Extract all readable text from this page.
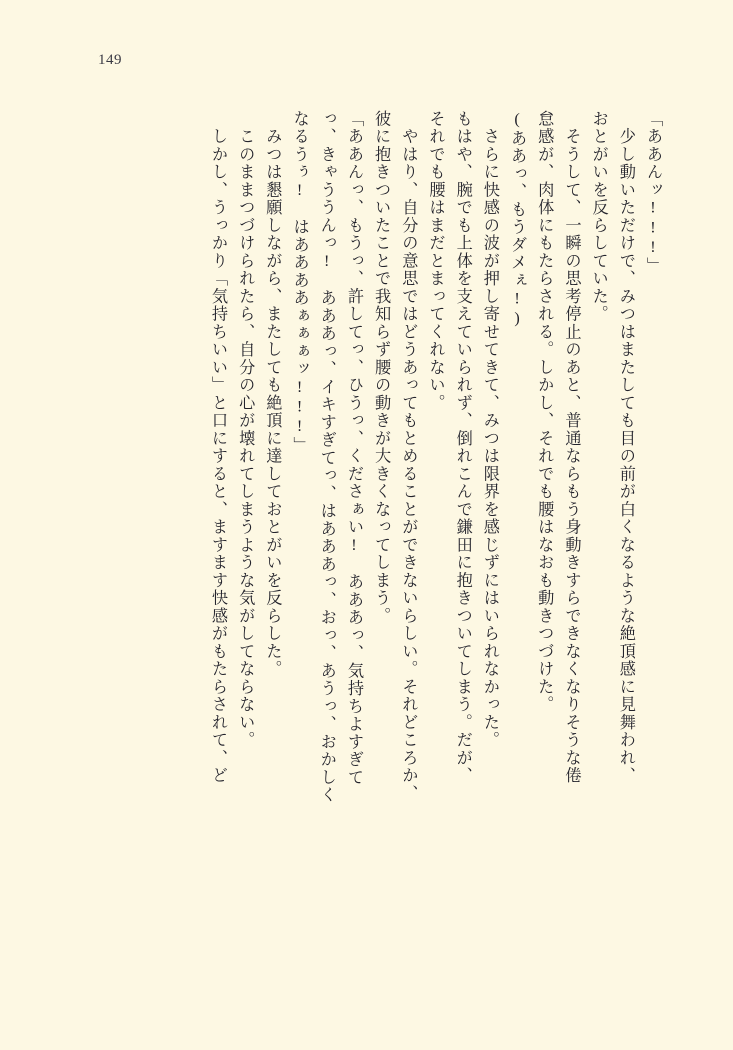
149
「ああんッ!!!」
　少し動いただけで、みつはまたしても目の前が白くなるような絶頂感に見舞われ、
おとがいを反らしていた。
　そうして、一瞬の思考停止のあと、普通ならもう身動きすらできなくなりそうな倦
怠感が、肉体にもたらされる。しかし、それでも腰はなおも動きつづけた。
(ああっ、もうダメぇ!)
　さらに快感の波が押し寄せてきて、みつは限界を感じずにはいられなかった。
もはや、腕でも上体を支えていられず、倒れこんで鎌田に抱きついてしまう。だが、
それでも腰はまだとまってくれない。
　やはり、自分の意思ではどうあってもとめることができないらしい。それどころか、
彼に抱きついたことで我知らず腰の動きが大きくなってしまう。
「ああんっ、もうっ、許してっ、ひうっ、くださぁい!　あああっ、気持ちよすぎて
っ、きゃううんっ!　あああっ、イキすぎてっ、はあああっ、おっ、あうっ、おかしく
なるうぅ!　はああああぁぁぁッ!!!」
　みつは懇願しながら、またしても絶頂に達しておとがいを反らした。
　このままつづけられたら、自分の心が壊れてしまうような気がしてならない。
　しかし、うっかり「気持ちいい」と口にすると、ますます快感がもたらされて、ど
